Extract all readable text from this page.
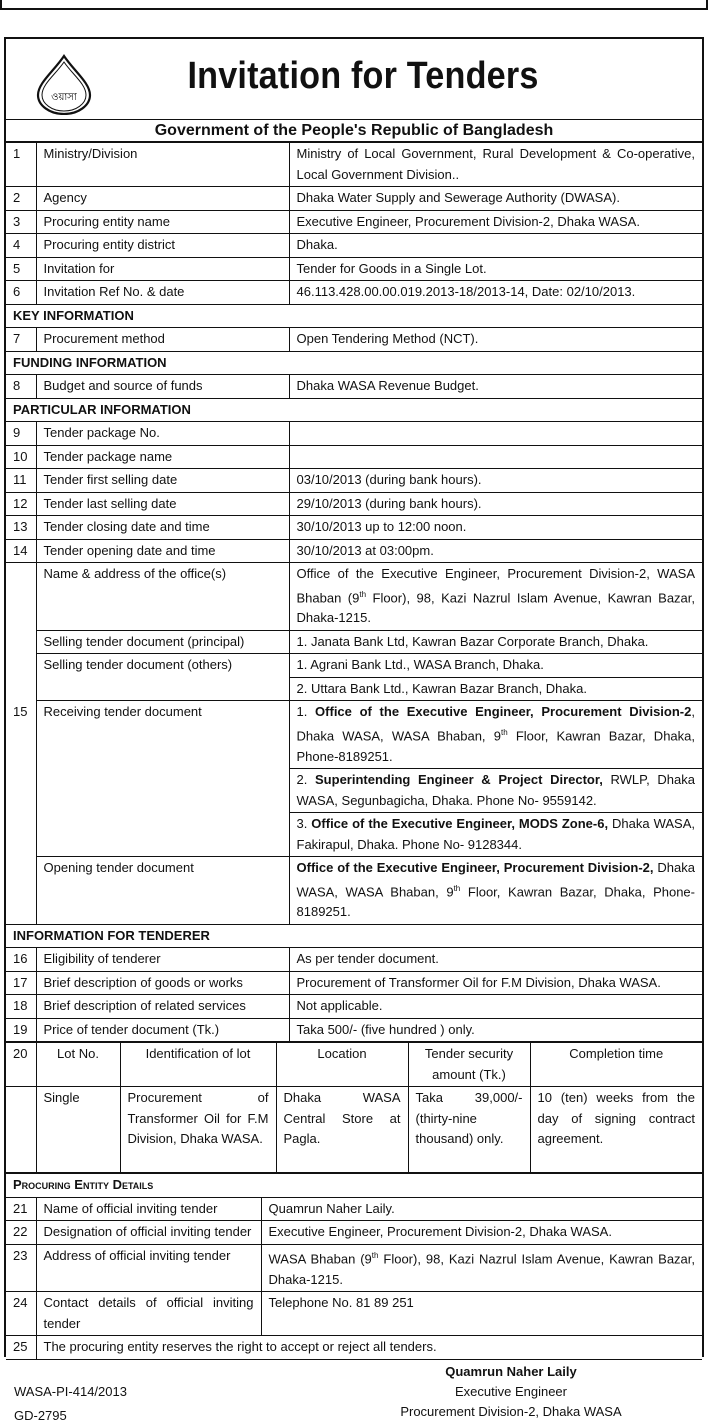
ওয়াসা
Invitation for Tenders
Government of the People's Republic of Bangladesh
1	Ministry/Division	Ministry of Local Government, Rural Development & Co-operative, Local Government Division..
2	Agency	Dhaka Water Supply and Sewerage Authority (DWASA).
3	Procuring entity name	Executive Engineer, Procurement Division-2, Dhaka WASA.
4	Procuring entity district	Dhaka.
5	Invitation for	Tender for Goods in a Single Lot.
6	Invitation Ref No. & date	46.113.428.00.00.019.2013-18/2013-14, Date: 02/10/2013.
KEY INFORMATION		
7	Procurement method	Open Tendering Method (NCT).
FUNDING INFORMATION		
8	Budget and source of funds	Dhaka WASA Revenue Budget.
PARTICULAR INFORMATION		
9	Tender package No.	
10	Tender package name	
11	Tender first selling date	03/10/2013 (during bank hours).
12	Tender last selling date	29/10/2013 (during bank hours).
13	Tender closing date and time	30/10/2013 up to 12:00 noon.
14	Tender opening date and time	30/10/2013 at 03:00pm.
	Name & address of the office(s)	Office of the Executive Engineer, Procurement Division-2, WASA Bhaban (9th Floor), 98, Kazi Nazrul Islam Avenue, Kawran Bazar, Dhaka-1215.
	Selling tender document (principal)	1. Janata Bank Ltd, Kawran Bazar Corporate Branch, Dhaka.
	Selling tender document (others)	1. Agrani Bank Ltd., WASA Branch, Dhaka.
		2. Uttara Bank Ltd., Kawran Bazar Branch, Dhaka.
15	Receiving tender document	1. Office of the Executive Engineer, Procurement Division-2, Dhaka WASA, WASA Bhaban, 9th Floor, Kawran Bazar, Dhaka, Phone-8189251.
		2. Superintending Engineer & Project Director, RWLP, Dhaka WASA, Segunbagicha, Dhaka. Phone No- 9559142.
		3. Office of the Executive Engineer, MODS Zone-6, Dhaka WASA, Fakirapul, Dhaka. Phone No- 9128344.
	Opening tender document	Office of the Executive Engineer, Procurement Division-2, Dhaka WASA, WASA Bhaban, 9th Floor, Kawran Bazar, Dhaka, Phone-8189251.
INFORMATION FOR TENDERER		
16	Eligibility of tenderer	As per tender document.
17	Brief description of goods or works	Procurement of Transformer Oil for F.M Division, Dhaka WASA.
18	Brief description of related services	Not applicable.
19	Price of tender document (Tk.)	Taka 500/- (five hundred ) only.
20	Lot No.	Identification of lot	Location	Tender security amount (Tk.)	Completion time
	Single	Procurement of Transformer Oil for F.M Division, Dhaka WASA.	Dhaka WASA Central Store at Pagla.	Taka 39,000/- (thirty-nine thousand) only.	10 (ten) weeks from the day of signing contract agreement.
Procuring Entity Details		
21	Name of official inviting tender	Quamrun Naher Laily.
22	Designation of official inviting tender	Executive Engineer, Procurement Division-2, Dhaka WASA.
23	Address of official inviting tender	WASA Bhaban (9th Floor), 98, Kazi Nazrul Islam Avenue, Kawran Bazar, Dhaka-1215.
24	Contact details of official inviting tender	Telephone No. 81 89 251
25	The procuring entity reserves the right to accept or reject all tenders.	
WASA-PI-414/2013
GD-2795
Quamrun Naher Laily
Executive Engineer
Procurement Division-2, Dhaka WASA
